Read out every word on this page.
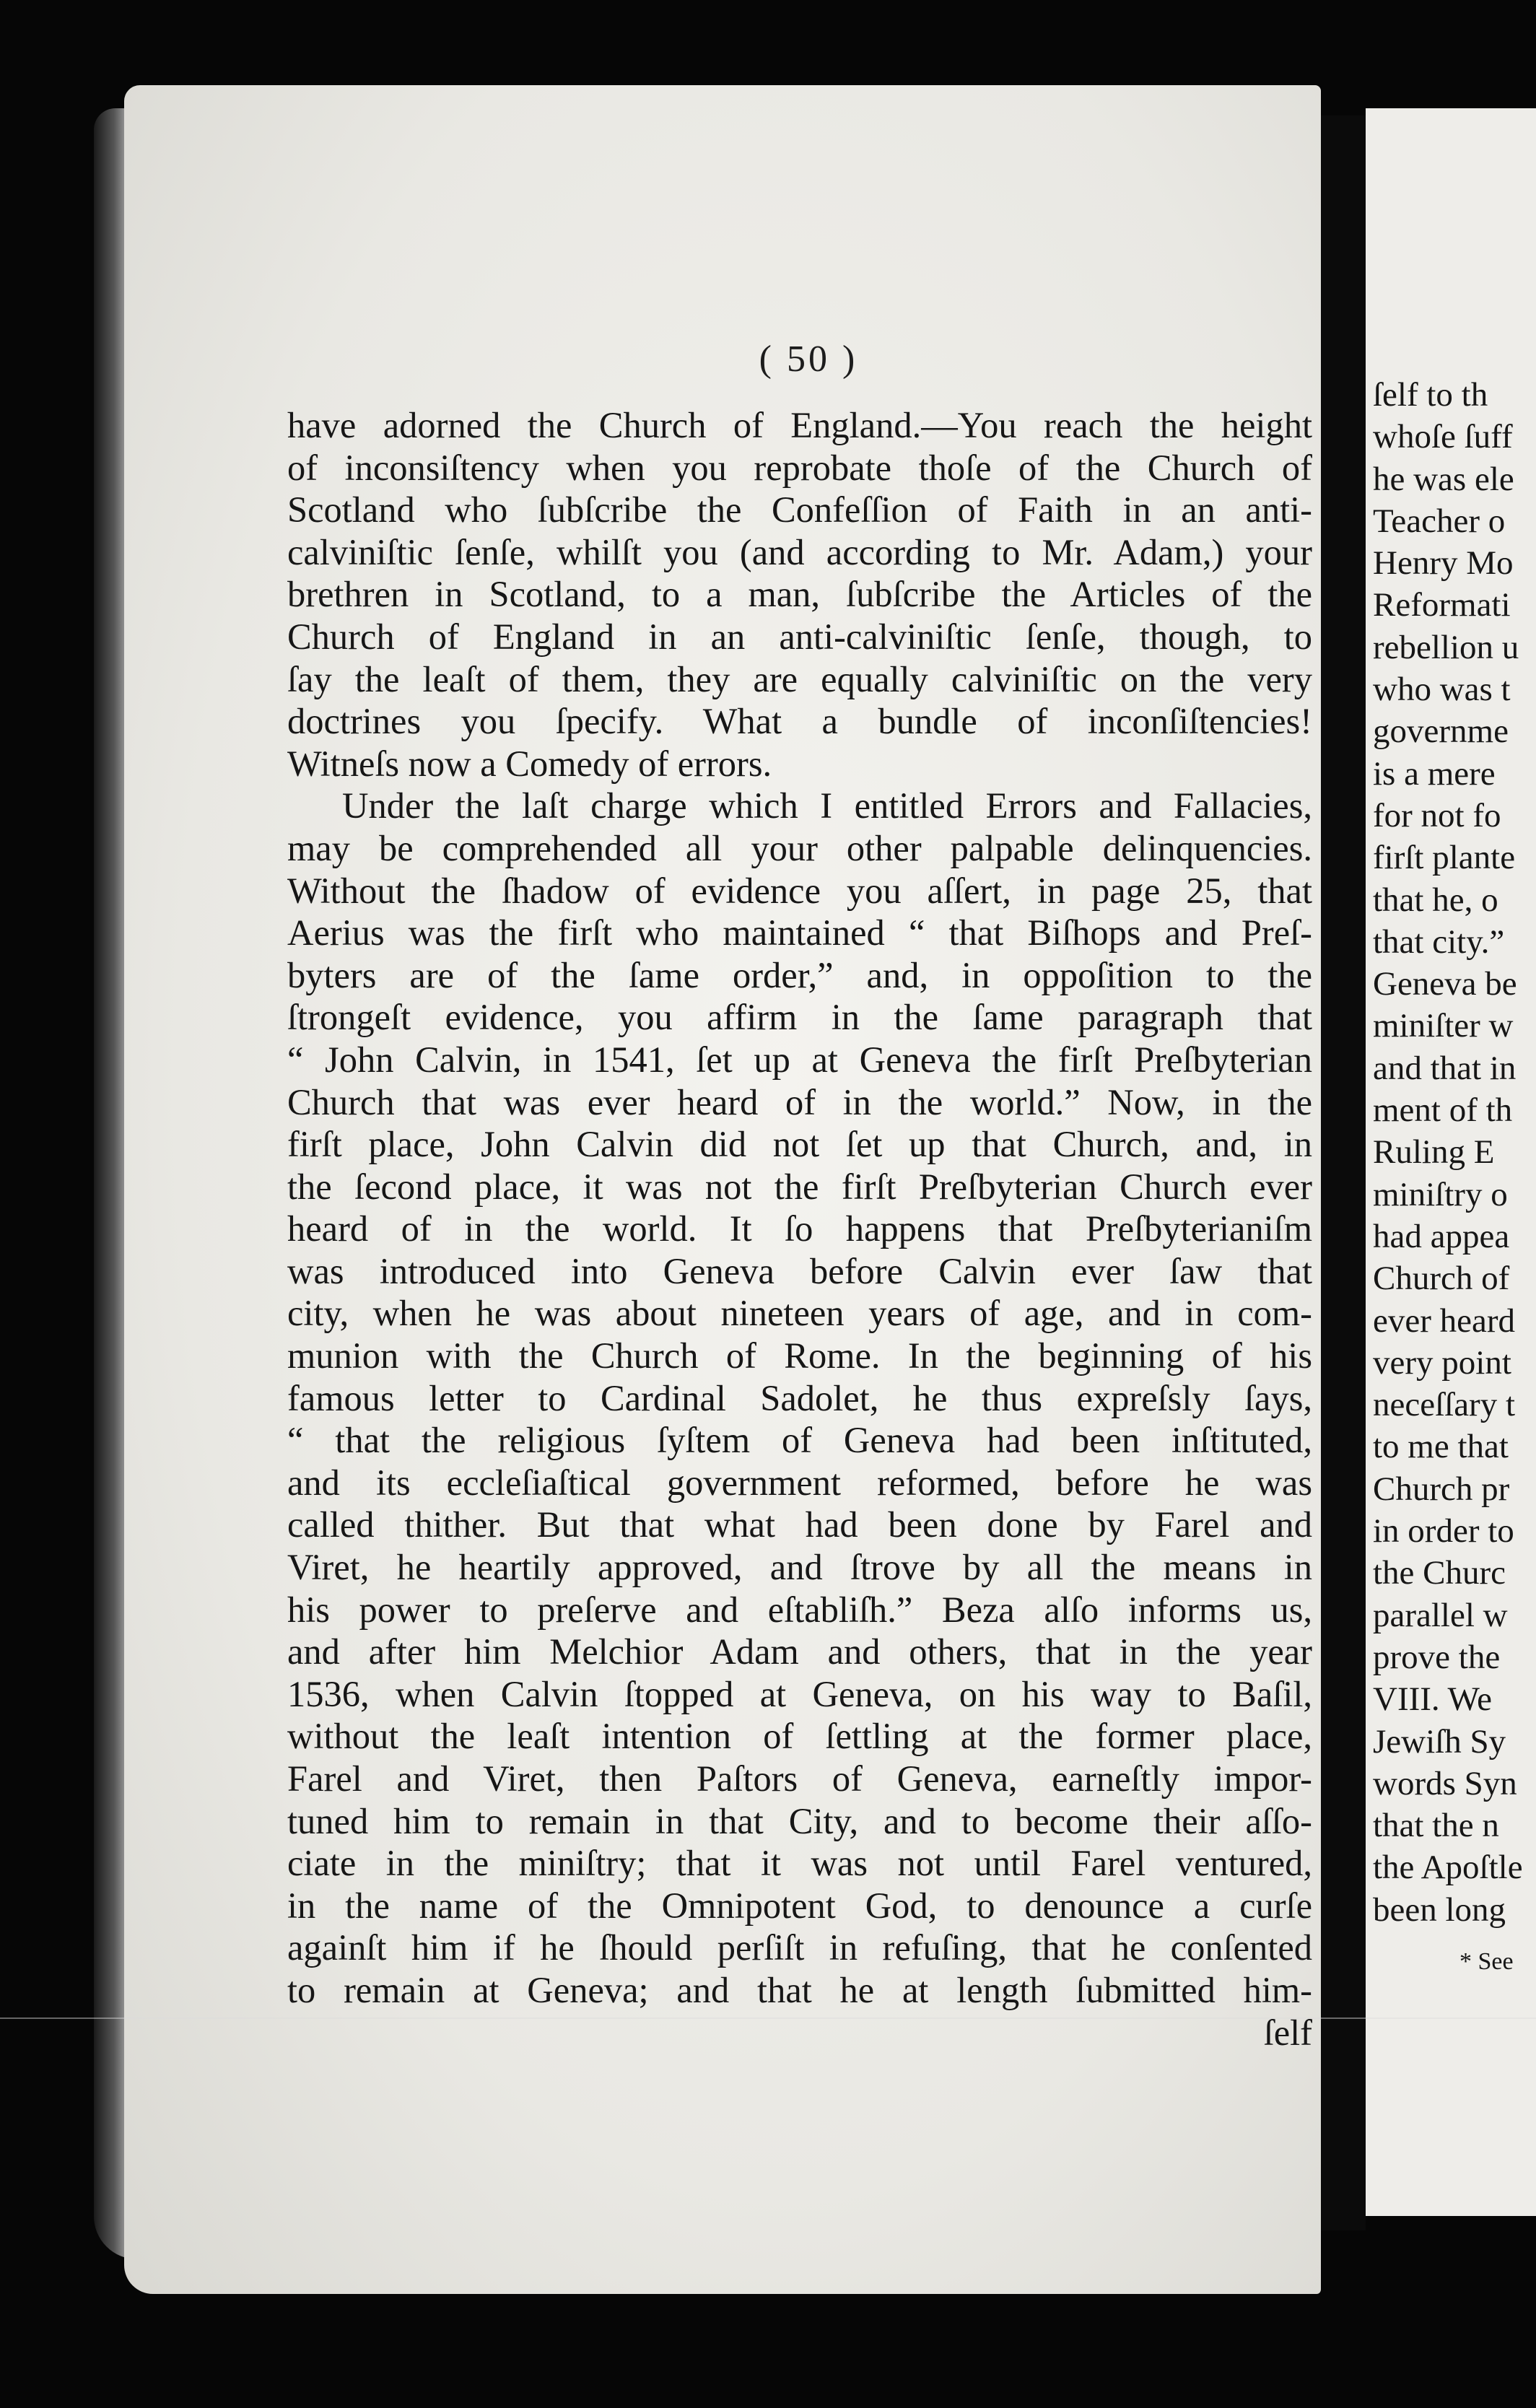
( 50 )
have adorned the Church of England.—You reach the height
of inconsiſtency when you reprobate thoſe of the Church of
Scotland who ſubſcribe the Confeſſion of Faith in an anti-
calviniſtic ſenſe, whilſt you (and according to Mr. Adam,) your
brethren in Scotland, to a man, ſubſcribe the Articles of the
Church of England in an anti-calviniſtic ſenſe, though, to
ſay the leaſt of them, they are equally calviniſtic on the very
doctrines you ſpecify. What a bundle of inconſiſtencies!
Witneſs now a Comedy of errors.
Under the laſt charge which I entitled Errors and Fallacies,
may be comprehended all your other palpable delinquencies.
Without the ſhadow of evidence you aſſert, in page 25, that
Aerius was the firſt who maintained “ that Biſhops and Preſ-
byters are of the ſame order,” and, in oppoſition to the
ſtrongeſt evidence, you affirm in the ſame paragraph that
“ John Calvin, in 1541, ſet up at Geneva the firſt Preſbyterian
Church that was ever heard of in the world.” Now, in the
firſt place, John Calvin did not ſet up that Church, and, in
the ſecond place, it was not the firſt Preſbyterian Church ever
heard of in the world. It ſo happens that Preſbyterianiſm
was introduced into Geneva before Calvin ever ſaw that
city, when he was about nineteen years of age, and in com-
munion with the Church of Rome. In the beginning of his
famous letter to Cardinal Sadolet, he thus expreſsly ſays,
“ that the religious ſyſtem of Geneva had been inſtituted,
and its eccleſiaſtical government reformed, before he was
called thither. But that what had been done by Farel and
Viret, he heartily approved, and ſtrove by all the means in
his power to preſerve and eſtabliſh.” Beza alſo informs us,
and after him Melchior Adam and others, that in the year
1536, when Calvin ſtopped at Geneva, on his way to Baſil,
without the leaſt intention of ſettling at the former place,
Farel and Viret, then Paſtors of Geneva, earneſtly impor-
tuned him to remain in that City, and to become their aſſo-
ciate in the miniſtry; that it was not until Farel ventured,
in the name of the Omnipotent God, to denounce a curſe
againſt him if he ſhould perſiſt in refuſing, that he conſented
to remain at Geneva; and that he at length ſubmitted him-
ſelf
ſelf to th
whoſe ſuff
he was ele
Teacher o
Henry Mo
Reformati
rebellion u
who was t
governme
is a mere
for not fo
firſt plante
that he, o
that city.”
Geneva be
miniſter w
and that in
ment of th
Ruling E
miniſtry o
had appea
Church of
ever heard
very point
neceſſary t
to me that
Church pr
in order to
the Churc
parallel w
prove the
VIII. We
Jewiſh Sy
words Syn
that the n
the Apoſtle
been long
* See
